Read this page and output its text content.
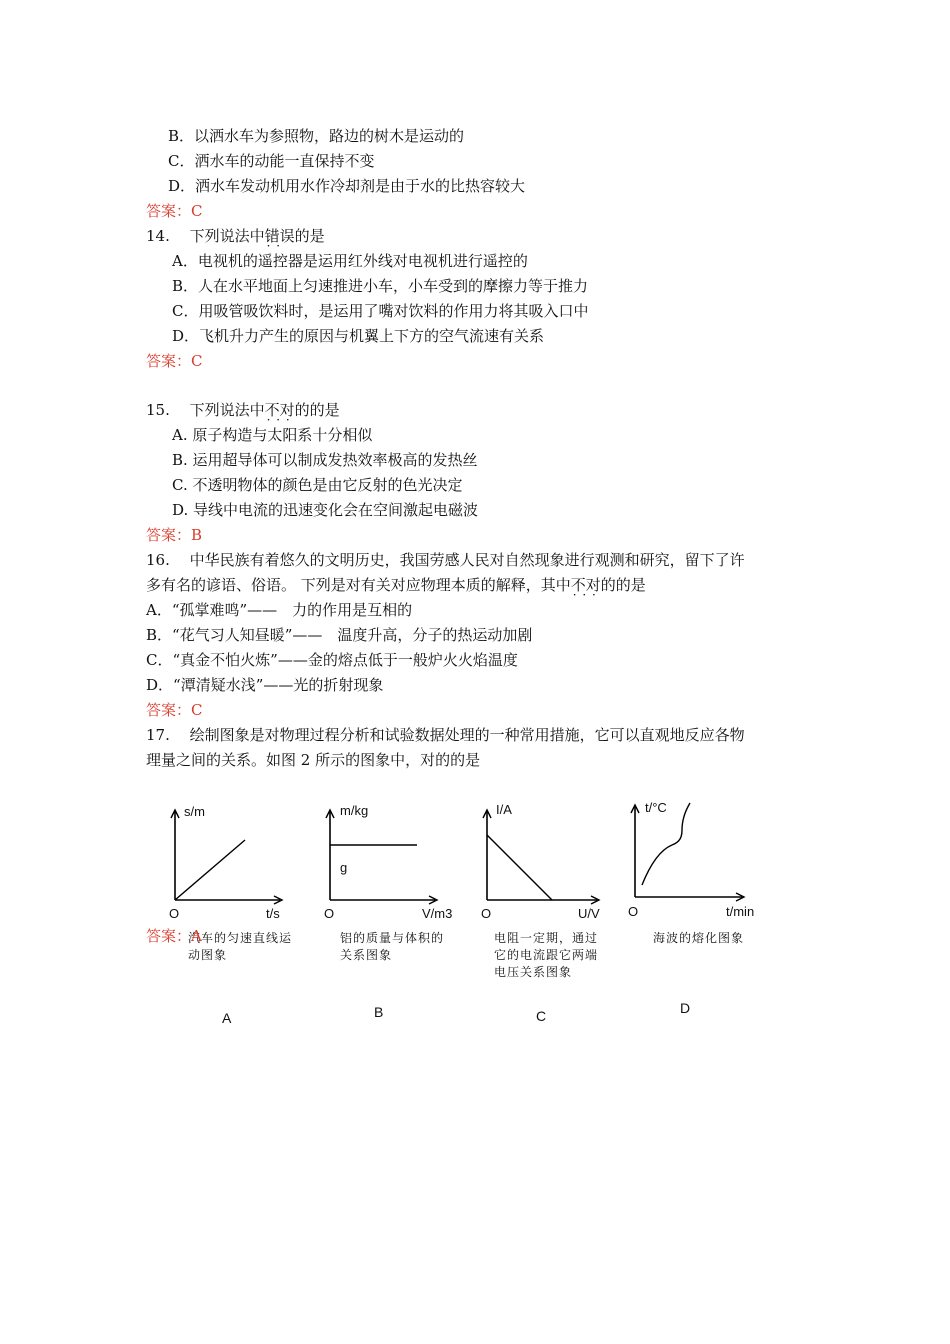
B．以洒水车为参照物，路边的树木是运动的
C．洒水车的动能一直保持不变
D．洒水车发动机用水作冷却剂是由于水的比热容较大
答案：C
14.　 下列说法中错误 · ·的是
A．电视机的遥控器是运用红外线对电视机进行遥控的
B．人在水平地面上匀速推进小车，小车受到的摩擦力等于推力
C．用吸管吸饮料时，是运用了嘴对饮料的作用力将其吸入口中
D．飞机升力产生的原因与机翼上下方的空气流速有关系
答案：C
15.　 下列说法中不对的 · · ·的是
A. 原子构造与太阳系十分相似
B. 运用超导体可以制成发热效率极高的发热丝
C. 不透明物体的颜色是由它反射的色光决定
D. 导线中电流的迅速变化会在空间激起电磁波
答案：B
16.　 中华民族有着悠久的文明历史，我国劳感人民对自然现象进行观测和研究，留下了许
多有名的谚语、俗语。 下列是对有关对应物理本质的解释，其中不对的 · · ·的是
A．“孤掌难鸣”——　力的作用是互相的
B．“花气习人知昼暖”——　温度升高，分子的热运动加剧
C．“真金不怕火炼”——金的熔点低于一般炉火火焰温度
D．“潭清疑水浅”——光的折射现象
答案：C
17.　 绘制图象是对物理过程分析和试验数据处理的一种常用措施，它可以直观地反应各物
理量之间的关系。如图 2 所示的图象中，对的的是
s/m
t/s
O
汽车的匀速直线运动图象
A
答案：A
m/kg
g
V/m3
O
铝的质量与体积的关系图象
B
I/A
U/V
O
电阻一定期，通过它的电流跟它两端电压关系图象
C
t/°C
t/min
O
海波的熔化图象
D
